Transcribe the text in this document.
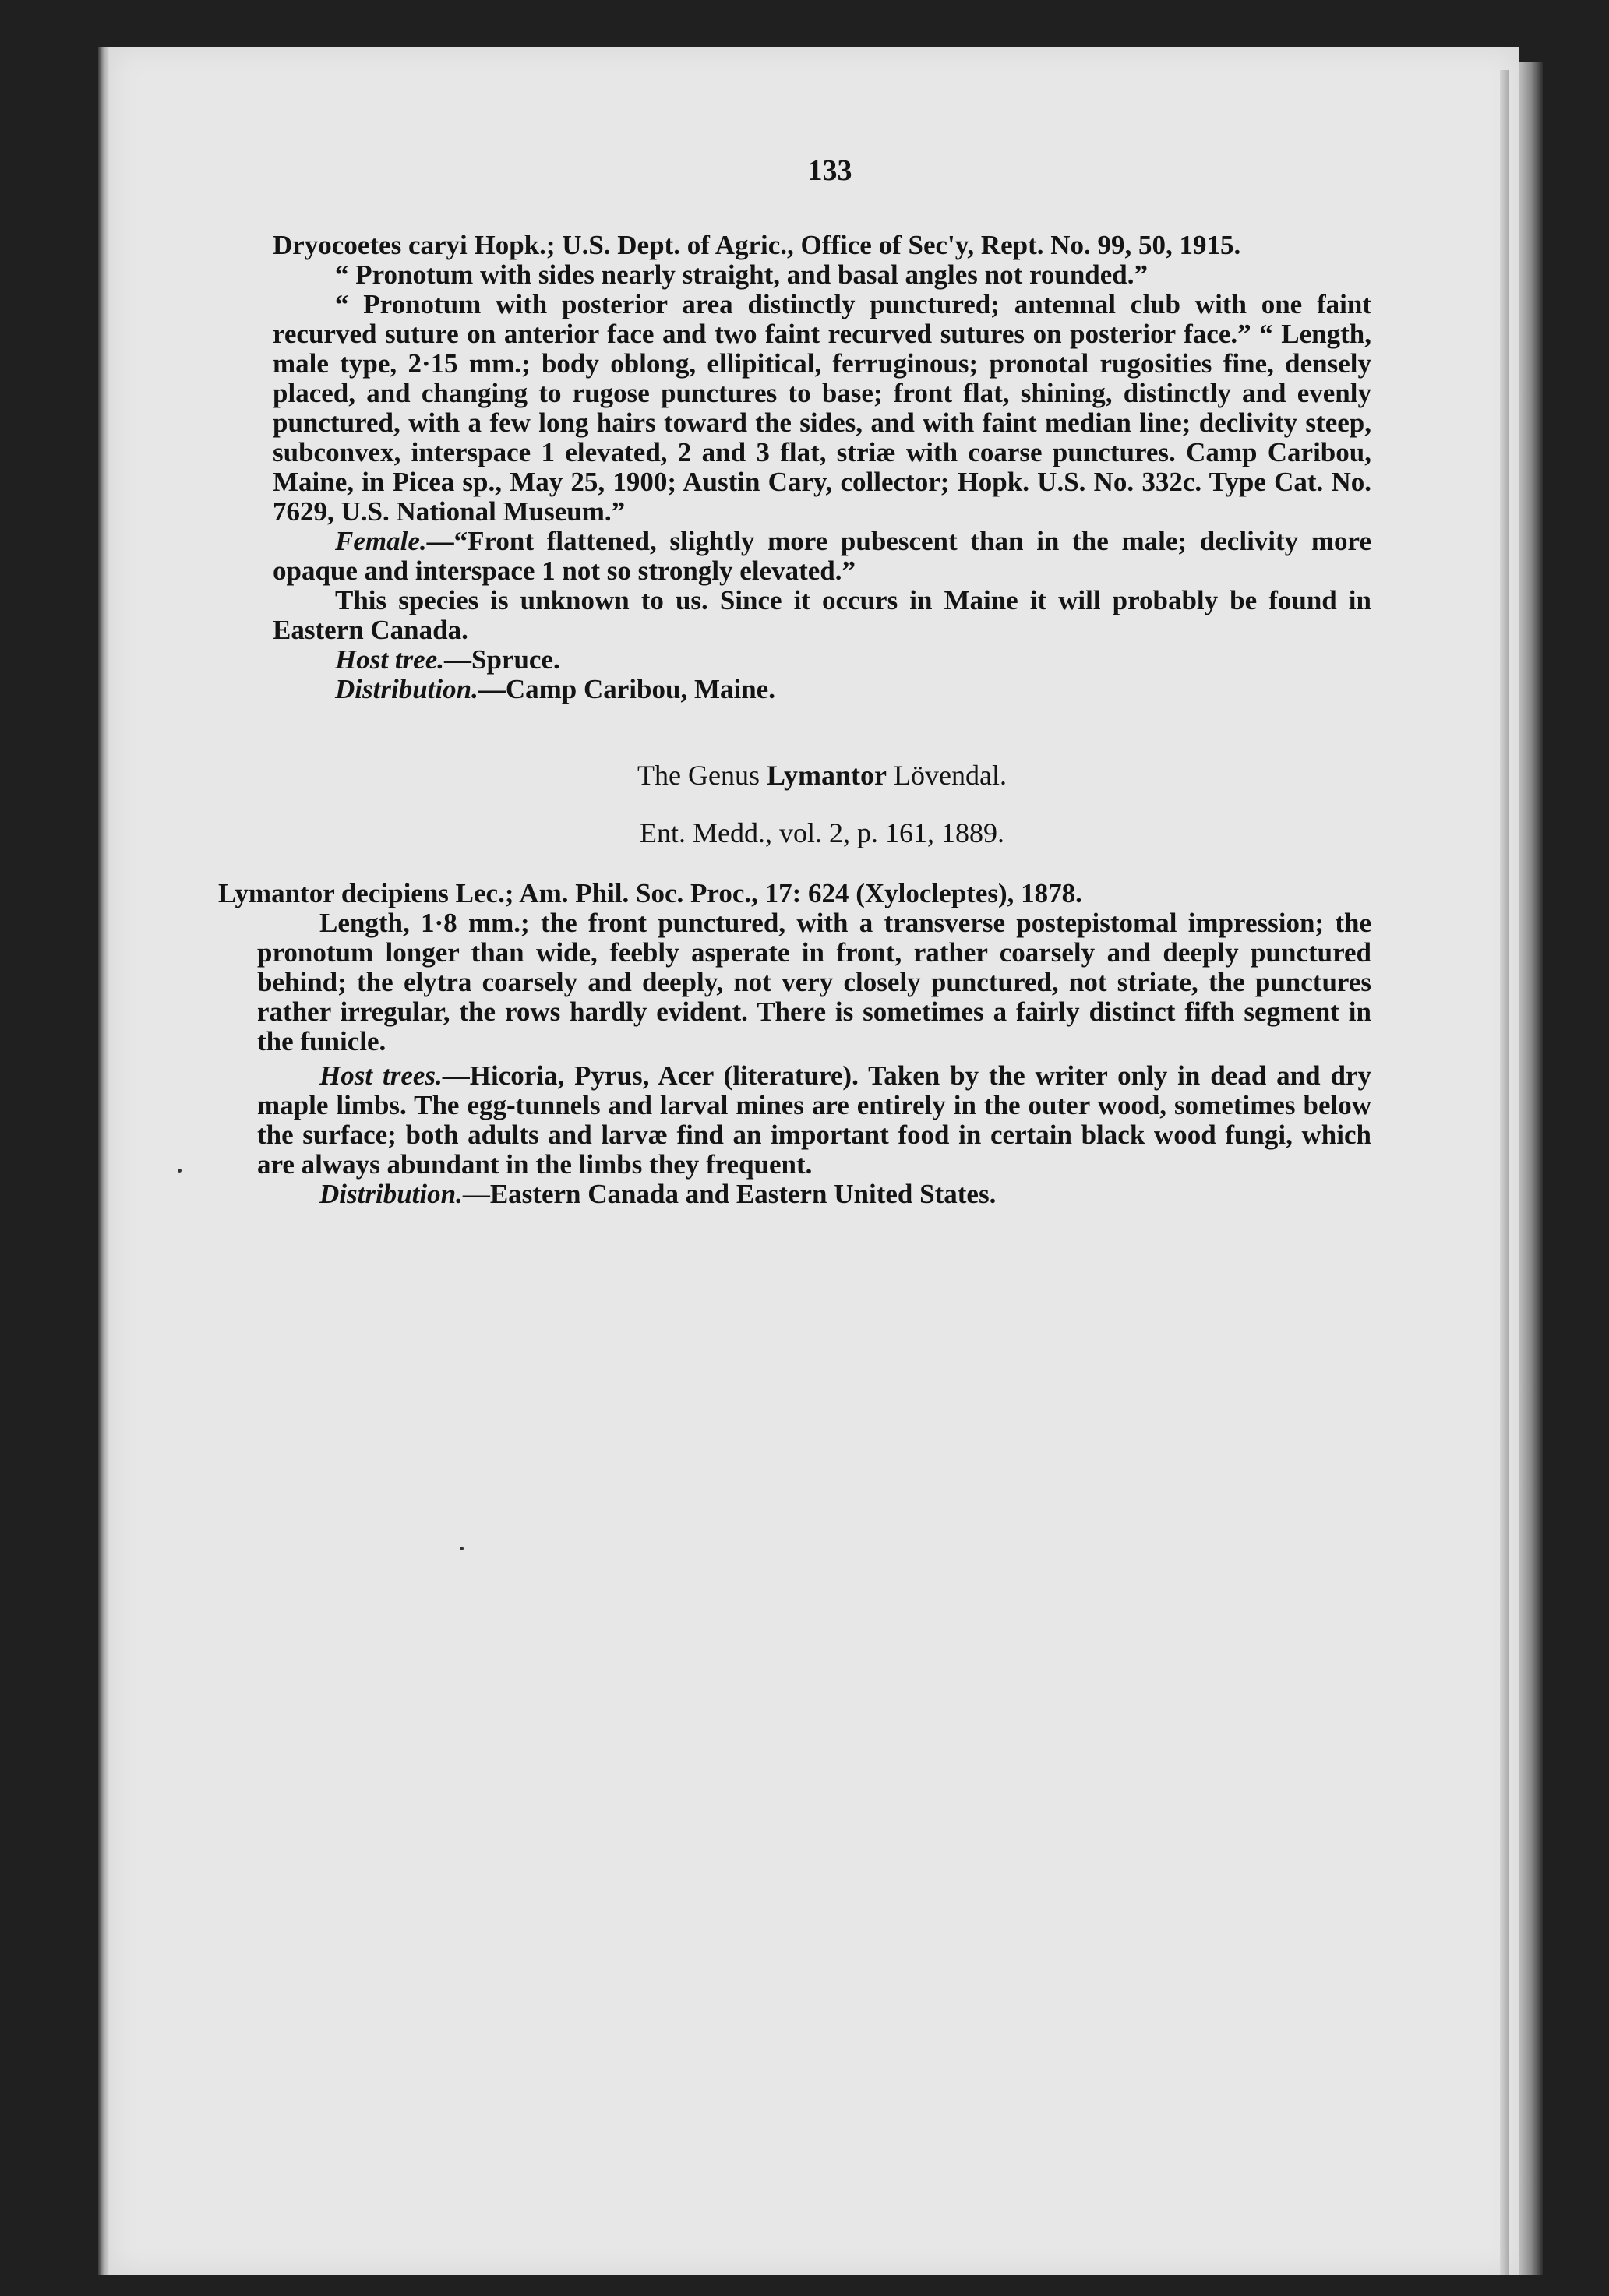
133

Dryocoetes caryi Hopk.; U.S. Dept. of Agric., Office of Sec'y, Rept. No. 99, 50, 1915.

“ Pronotum with sides nearly straight, and basal angles not rounded.”

“ Pronotum with posterior area distinctly punctured; antennal club with one faint recurved suture on anterior face and two faint recurved sutures on posterior face.” “ Length, male type, 2·15 mm.; body oblong, ellipitical, ferruginous; pronotal rugosities fine, densely placed, and changing to rugose punctures to base; front flat, shining, distinctly and evenly punctured, with a few long hairs toward the sides, and with faint median line; declivity steep, subconvex, interspace 1 elevated, 2 and 3 flat, striæ with coarse punctures. Camp Caribou, Maine, in Picea sp., May 25, 1900; Austin Cary, collector; Hopk. U.S. No. 332c. Type Cat. No. 7629, U.S. National Museum.”

Female.—“Front flattened, slightly more pubescent than in the male; declivity more opaque and interspace 1 not so strongly elevated.”

This species is unknown to us. Since it occurs in Maine it will probably be found in Eastern Canada.

Host tree.—Spruce.

Distribution.—Camp Caribou, Maine.

The Genus Lymantor Lövendal.
Ent. Medd., vol. 2, p. 161, 1889.

Lymantor decipiens Lec.; Am. Phil. Soc. Proc., 17: 624 (Xylocleptes), 1878.

Length, 1·8 mm.; the front punctured, with a transverse postepistomal impression; the pronotum longer than wide, feebly asperate in front, rather coarsely and deeply punctured behind; the elytra coarsely and deeply, not very closely punctured, not striate, the punctures rather irregular, the rows hardly evident. There is sometimes a fairly distinct fifth segment in the funicle.

Host trees.—Hicoria, Pyrus, Acer (literature). Taken by the writer only in dead and dry maple limbs. The egg-tunnels and larval mines are entirely in the outer wood, sometimes below the surface; both adults and larvæ find an important food in certain black wood fungi, which are always abundant in the limbs they frequent.

Distribution.—Eastern Canada and Eastern United States.
